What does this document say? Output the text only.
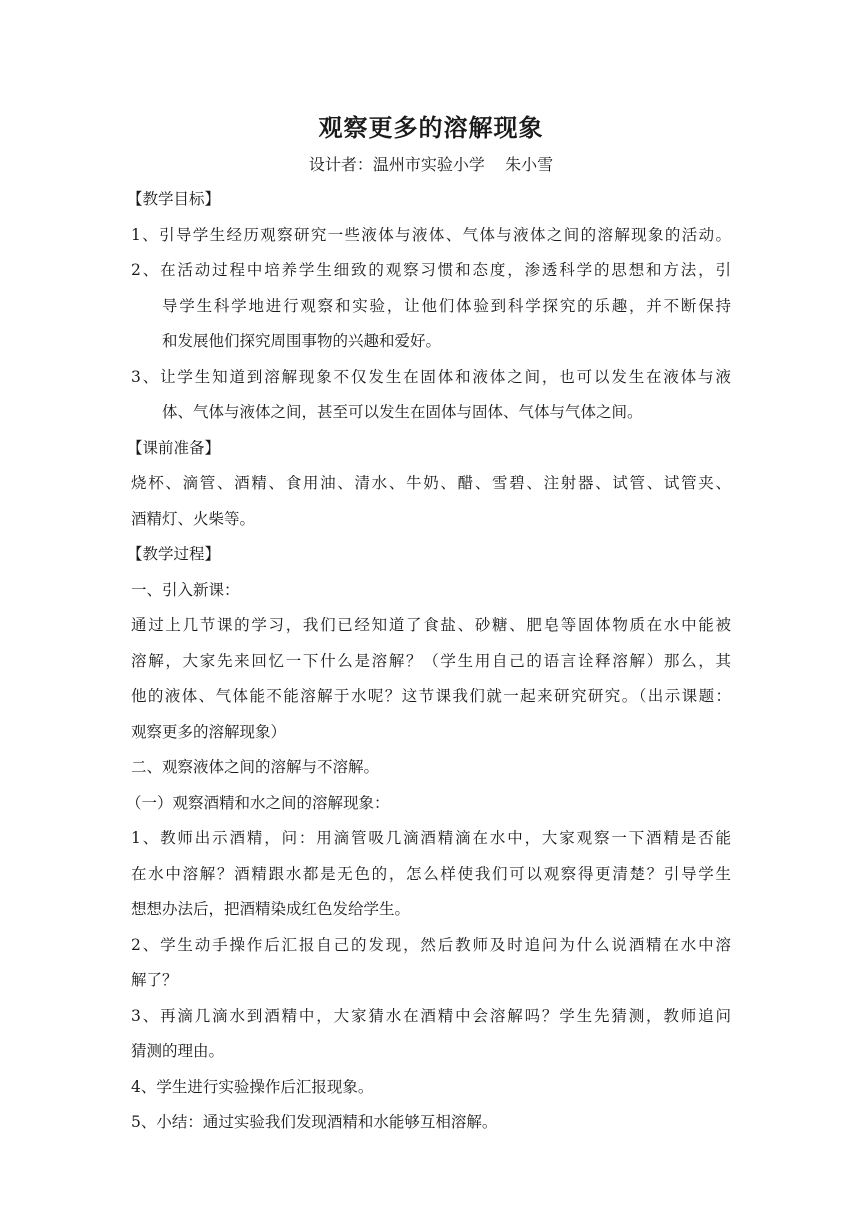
观察更多的溶解现象

设计者：温州市实验小学    朱小雪

【教学目标】

1、引导学生经历观察研究一些液体与液体、气体与液体之间的溶解现象的活动。

2、在活动过程中培养学生细致的观察习惯和态度，渗透科学的思想和方法，引

导学生科学地进行观察和实验，让他们体验到科学探究的乐趣，并不断保持

和发展他们探究周围事物的兴趣和爱好。

3、让学生知道到溶解现象不仅发生在固体和液体之间，也可以发生在液体与液

体、气体与液体之间，甚至可以发生在固体与固体、气体与气体之间。

【课前准备】

烧杯、滴管、酒精、食用油、清水、牛奶、醋、雪碧、注射器、试管、试管夹、

酒精灯、火柴等。

【教学过程】

一、引入新课：

通过上几节课的学习，我们已经知道了食盐、砂糖、肥皂等固体物质在水中能被

溶解，大家先来回忆一下什么是溶解？（学生用自己的语言诠释溶解）那么，其

他的液体、气体能不能溶解于水呢？这节课我们就一起来研究研究。（出示课题：

观察更多的溶解现象）

二、观察液体之间的溶解与不溶解。

（一）观察酒精和水之间的溶解现象：

1、教师出示酒精，问：用滴管吸几滴酒精滴在水中，大家观察一下酒精是否能

在水中溶解？酒精跟水都是无色的，怎么样使我们可以观察得更清楚？引导学生

想想办法后，把酒精染成红色发给学生。

2、学生动手操作后汇报自己的发现，然后教师及时追问为什么说酒精在水中溶

解了？

3、再滴几滴水到酒精中，大家猜水在酒精中会溶解吗？学生先猜测，教师追问

猜测的理由。

4、学生进行实验操作后汇报现象。

5、小结：通过实验我们发现酒精和水能够互相溶解。
